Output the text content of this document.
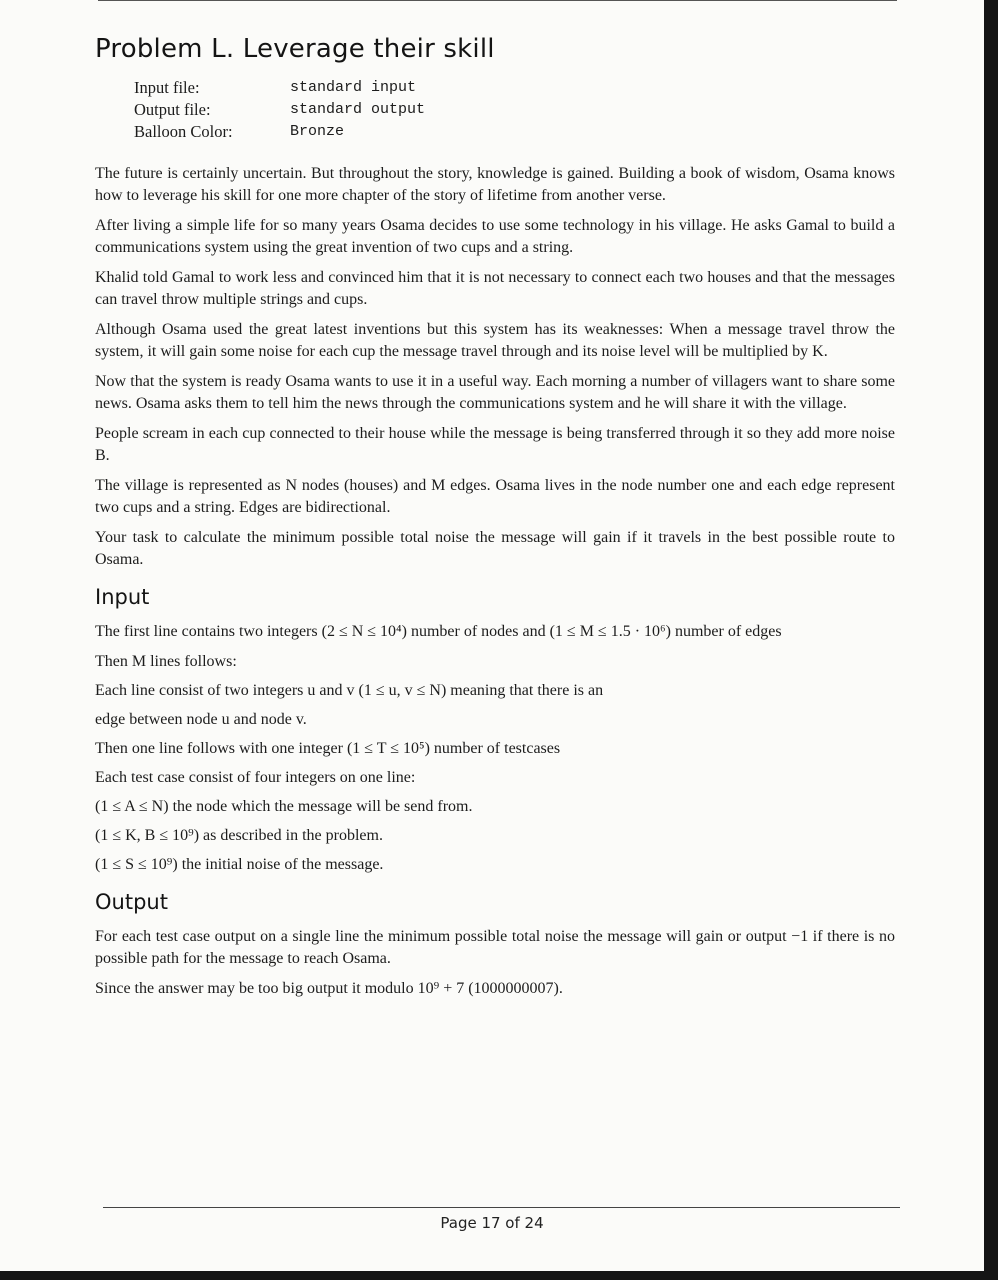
Problem L. Leverage their skill
Input file:	standard input
Output file:	standard output
Balloon Color:	Bronze

The future is certainly uncertain. But throughout the story, knowledge is gained. Building a book of wisdom, Osama knows how to leverage his skill for one more chapter of the story of lifetime from another verse.

After living a simple life for so many years Osama decides to use some technology in his village. He asks Gamal to build a communications system using the great invention of two cups and a string.

Khalid told Gamal to work less and convinced him that it is not necessary to connect each two houses and that the messages can travel throw multiple strings and cups.

Although Osama used the great latest inventions but this system has its weaknesses: When a message travel throw the system, it will gain some noise for each cup the message travel through and its noise level will be multiplied by K.

Now that the system is ready Osama wants to use it in a useful way. Each morning a number of villagers want to share some news. Osama asks them to tell him the news through the communications system and he will share it with the village.

People scream in each cup connected to their house while the message is being transferred through it so they add more noise B.

The village is represented as N nodes (houses) and M edges. Osama lives in the node number one and each edge represent two cups and a string. Edges are bidirectional.

Your task to calculate the minimum possible total noise the message will gain if it travels in the best possible route to Osama.

Input

The first line contains two integers (2 ≤ N ≤ 10⁴) number of nodes and (1 ≤ M ≤ 1.5 · 10⁶) number of edges

Then M lines follows:

Each line consist of two integers u and v (1 ≤ u, v ≤ N) meaning that there is an

edge between node u and node v.

Then one line follows with one integer (1 ≤ T ≤ 10⁵) number of testcases

Each test case consist of four integers on one line:

(1 ≤ A ≤ N) the node which the message will be send from.

(1 ≤ K, B ≤ 10⁹) as described in the problem.

(1 ≤ S ≤ 10⁹) the initial noise of the message.

Output

For each test case output on a single line the minimum possible total noise the message will gain or output −1 if there is no possible path for the message to reach Osama.

Since the answer may be too big output it modulo 10⁹ + 7 (1000000007).

Page 17 of 24
